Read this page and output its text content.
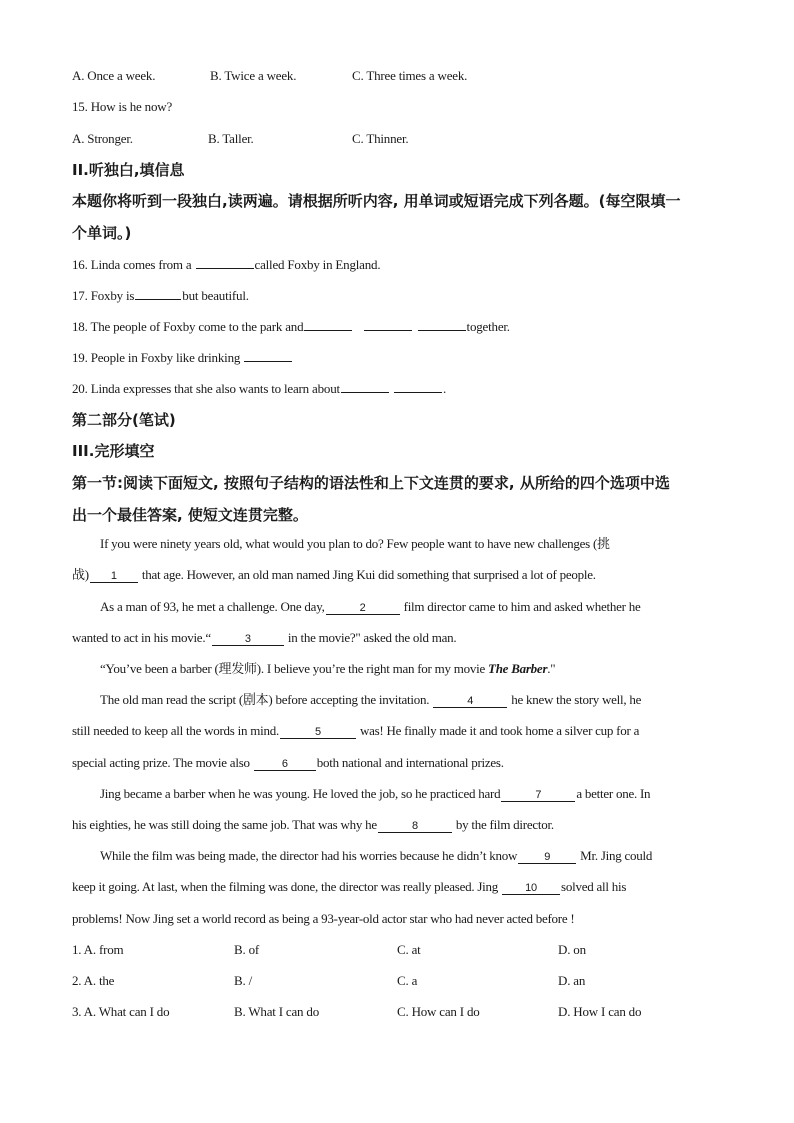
A. Once a week.	B. Twice a week.	C. Three times a week.
15. How is he now?
A. Stronger.	B. Taller.	C. Thinner.
II.听独白,填信息
本题你将听到一段独白,读两遍。请根据所听内容, 用单词或短语完成下列各题。(每空限填一
个单词。)
16. Linda comes from a	called Foxby in England.
17. Foxby is	but beautiful.
18. The people of Foxby come to the park and	together.
19. People in Foxby like drinking
20. Linda expresses that she also wants to learn about	.
第二部分(笔试)
III.完形填空
第一节:阅读下面短文, 按照句子结构的语法性和上下文连贯的要求, 从所给的四个选项中选
出一个最佳答案, 使短文连贯完整。
If you were ninety years old, what would you plan to do? Few people want to have new challenges (挑
战) 1 that age. However, an old man named Jing Kui did something that surprised a lot of people.
As a man of 93, he met a challenge. One day,	2	film director came to him and asked whether he
wanted to act in his movie.“	3	in the movie?" asked the old man.
“You’ve been a barber (理发师). I believe you’re the right man for my movie The Barber."
The old man read the script (剧本) before accepting the invitation.	4	he knew the story well, he
still needed to keep all the words in mind.	5	was! He finally made it and took home a silver cup for a
special acting prize. The movie also	6 both national and international prizes.
Jing became a barber when he was young. He loved the job, so he practiced hard	7	a better one. In
his eighties, he was still doing the same job. That was why he	8	by the film director.
While the film was being made, the director had his worries because he didn’t know 9 Mr. Jing could
keep it going. At last, when the filming was done, the director was really pleased. Jing 10 solved all his
problems! Now Jing set a world record as being a 93-year-old actor star who had never acted before !
1. A. from	B. of	C. at	D. on
2. A. the	B. /	C. a	D. an
3. A. What can I do	B. What I can do	C. How can I do	D. How I can do
